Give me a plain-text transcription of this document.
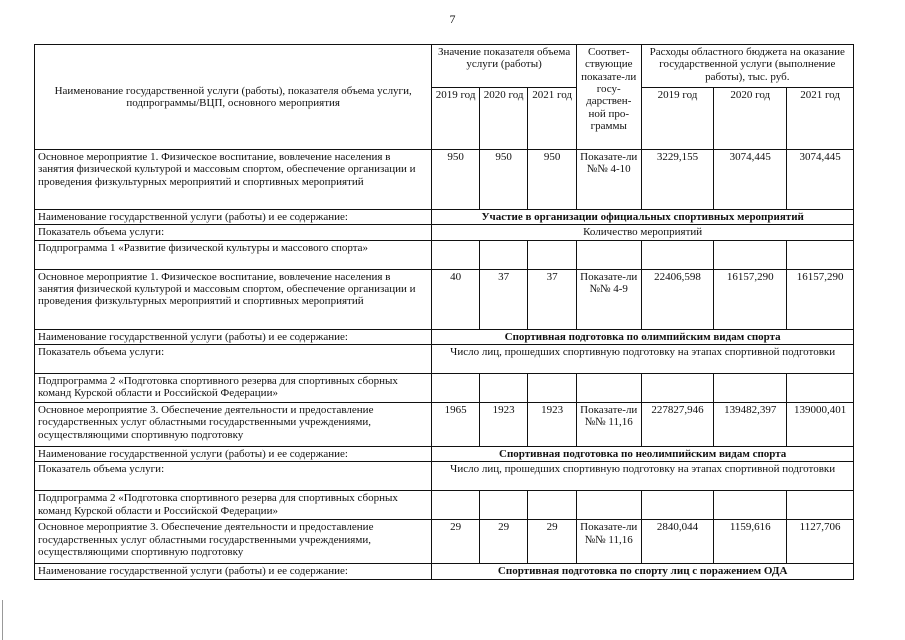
7
Наименование государственной услуги (работы), показателя объема услуги, подпрограммы/ВЦП, основного мероприятия	Значение показателя объема услуги (работы)			Соответ-ствующие показате-ли госу-дарствен-ной про-граммы	Расходы областного бюджета на оказание государственной услуги (выполнение работы), тыс. руб.		
	2019 год	2020 год	2021 год		2019 год	2020 год	2021 год
Основное мероприятие 1. Физическое воспитание, вовлечение населения в занятия физической культурой и массовым спортом, обеспечение организации и проведения физкультурных мероприятий и спортивных мероприятий	950	950	950	Показате-ли №№ 4-10	3229,155	3074,445	3074,445
Наименование государственной услуги (работы) и ее содержание:	Участие в организации официальных спортивных мероприятий						
Показатель объема услуги:	Количество мероприятий						
Подпрограмма 1 «Развитие физической культуры и массового спорта»							
Основное мероприятие 1. Физическое воспитание, вовлечение населения в занятия физической культурой и массовым спортом, обеспечение организации и проведения физкультурных мероприятий и спортивных мероприятий	40	37	37	Показате-ли №№ 4-9	22406,598	16157,290	16157,290
Наименование государственной услуги (работы) и ее содержание:	Спортивная подготовка по олимпийским видам спорта						
Показатель объема услуги:	Число лиц, прошедших спортивную подготовку на этапах спортивной подготовки						
Подпрограмма 2 «Подготовка спортивного резерва для спортивных сборных команд Курской области и Российской Федерации»							
Основное мероприятие 3. Обеспечение деятельности и предоставление государственных услуг областными государственными учреждениями, осуществляющими спортивную подготовку	1965	1923	1923	Показате-ли №№ 11,16	227827,946	139482,397	139000,401
Наименование государственной услуги (работы) и ее содержание:	Спортивная подготовка по неолимпийским видам спорта						
Показатель объема услуги:	Число лиц, прошедших спортивную подготовку на этапах спортивной подготовки						
Подпрограмма 2 «Подготовка спортивного резерва для спортивных сборных команд Курской области и Российской Федерации»							
Основное мероприятие 3. Обеспечение деятельности и предоставление государственных услуг областными государственными учреждениями, осуществляющими спортивную подготовку	29	29	29	Показате-ли №№ 11,16	2840,044	1159,616	1127,706
Наименование государственной услуги (работы) и ее содержание:	Спортивная подготовка по спорту лиц с поражением ОДА						
